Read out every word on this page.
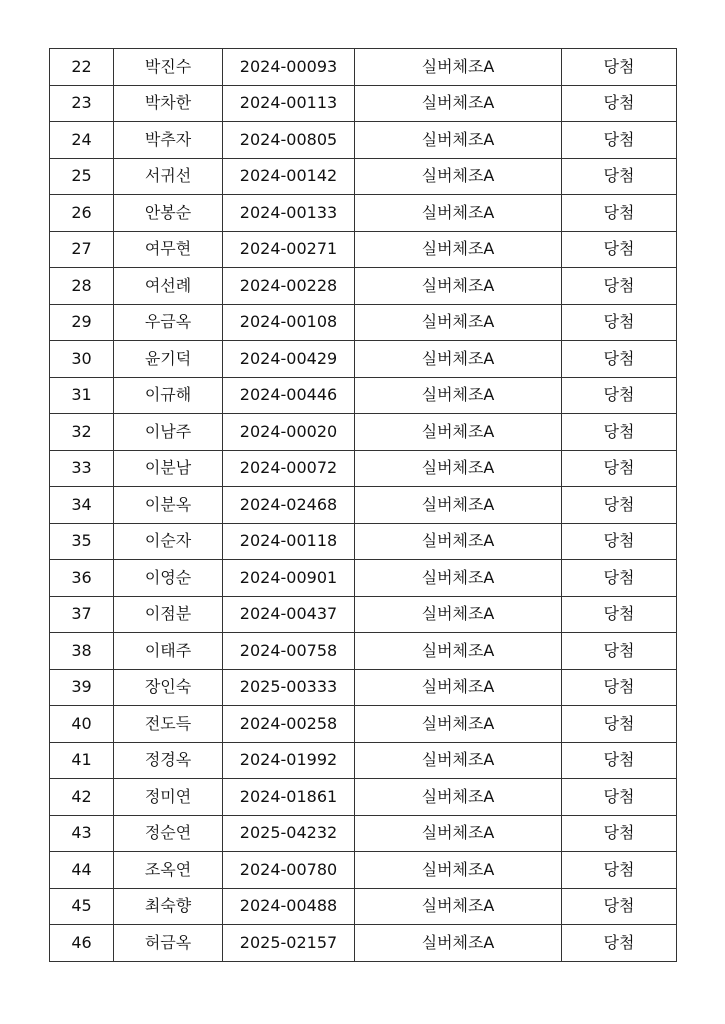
22	박진수	2024-00093	실버체조A	당첨
23	박차한	2024-00113	실버체조A	당첨
24	박추자	2024-00805	실버체조A	당첨
25	서귀선	2024-00142	실버체조A	당첨
26	안봉순	2024-00133	실버체조A	당첨
27	여무현	2024-00271	실버체조A	당첨
28	여선례	2024-00228	실버체조A	당첨
29	우금옥	2024-00108	실버체조A	당첨
30	윤기덕	2024-00429	실버체조A	당첨
31	이규해	2024-00446	실버체조A	당첨
32	이남주	2024-00020	실버체조A	당첨
33	이분남	2024-00072	실버체조A	당첨
34	이분옥	2024-02468	실버체조A	당첨
35	이순자	2024-00118	실버체조A	당첨
36	이영순	2024-00901	실버체조A	당첨
37	이점분	2024-00437	실버체조A	당첨
38	이태주	2024-00758	실버체조A	당첨
39	장인숙	2025-00333	실버체조A	당첨
40	전도득	2024-00258	실버체조A	당첨
41	정경옥	2024-01992	실버체조A	당첨
42	정미연	2024-01861	실버체조A	당첨
43	정순연	2025-04232	실버체조A	당첨
44	조옥연	2024-00780	실버체조A	당첨
45	최숙향	2024-00488	실버체조A	당첨
46	허금옥	2025-02157	실버체조A	당첨
